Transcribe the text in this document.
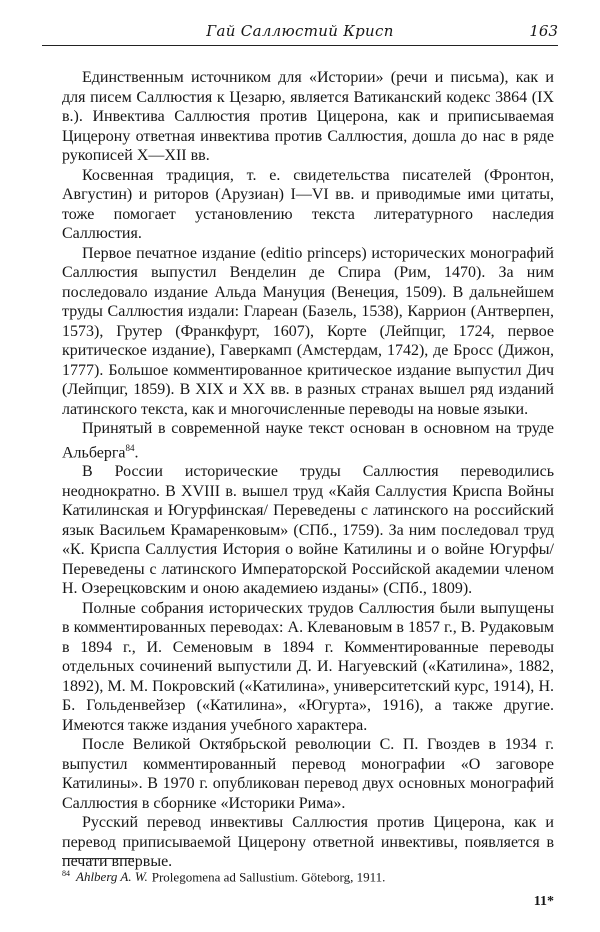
Гай Саллюстий Крисп	163

Единственным источником для «Истории» (речи и письма), как и для писем Саллюстия к Цезарю, является Ватиканский кодекс 3864 (IX в.). Инвектива Саллюстия против Цицерона, как и приписываемая Цицерону ответная инвектива против Саллюстия, дошла до нас в ряде рукописей X—XII вв.

Косвенная традиция, т. е. свидетельства писателей (Фронтон, Августин) и риторов (Арузиан) I—VI вв. и приводимые ими цитаты, тоже помогает установлению текста литературного наследия Саллюстия.

Первое печатное издание (editio princeps) исторических монографий Саллюстия выпустил Венделин де Спира (Рим, 1470). За ним последовало издание Альда Мануция (Венеция, 1509). В дальнейшем труды Саллюстия издали: Глареан (Базель, 1538), Каррион (Антверпен, 1573), Грутер (Франкфурт, 1607), Корте (Лейпциг, 1724, первое критическое издание), Гаверкамп (Амстердам, 1742), де Бросс (Дижон, 1777). Большое комментированное критическое издание выпустил Дич (Лейпциг, 1859). В XIX и XX вв. в разных странах вышел ряд изданий латинского текста, как и многочисленные переводы на новые языки.

Принятый в современной науке текст основан в основном на труде Альберга$^{84}$.

В России исторические труды Саллюстия переводились неоднократно. В XVIII в. вышел труд «Кайя Саллустия Криспа Войны Катилинская и Югурфинская/ Переведены с латинского на российский язык Васильем Крамаренковым» (СПб., 1759). За ним последовал труд «К. Криспа Саллустия История о войне Катилины и о войне Югурфы/ Переведены с латинского Императорской Российской академии членом Н. Озерецковским и оною академиею изданы» (СПб., 1809).

Полные собрания исторических трудов Саллюстия были выпущены в комментированных переводах: А. Клевановым в 1857 г., В. Рудаковым в 1894 г., И. Семеновым в 1894 г. Комментированные переводы отдельных сочинений выпустили Д. И. Нагуевский («Катилина», 1882, 1892), М. М. Покровский («Катилина», университетский курс, 1914), Н. Б. Гольденвейзер («Катилина», «Югурта», 1916), а также другие. Имеются также издания учебного характера.

После Великой Октябрьской революции С. П. Гвоздев в 1934 г. выпустил комментированный перевод монографии «О заговоре Катилины». В 1970 г. опубликован перевод двух основных монографий Саллюстия в сборнике «Историки Рима».

Русский перевод инвективы Саллюстия против Цицерона, как и перевод приписываемой Цицерону ответной инвективы, появляется в печати впервые.

$^{84}$ Ahlberg A. W. Prolegomena ad Sallustium. Göteborg, 1911.
11*
